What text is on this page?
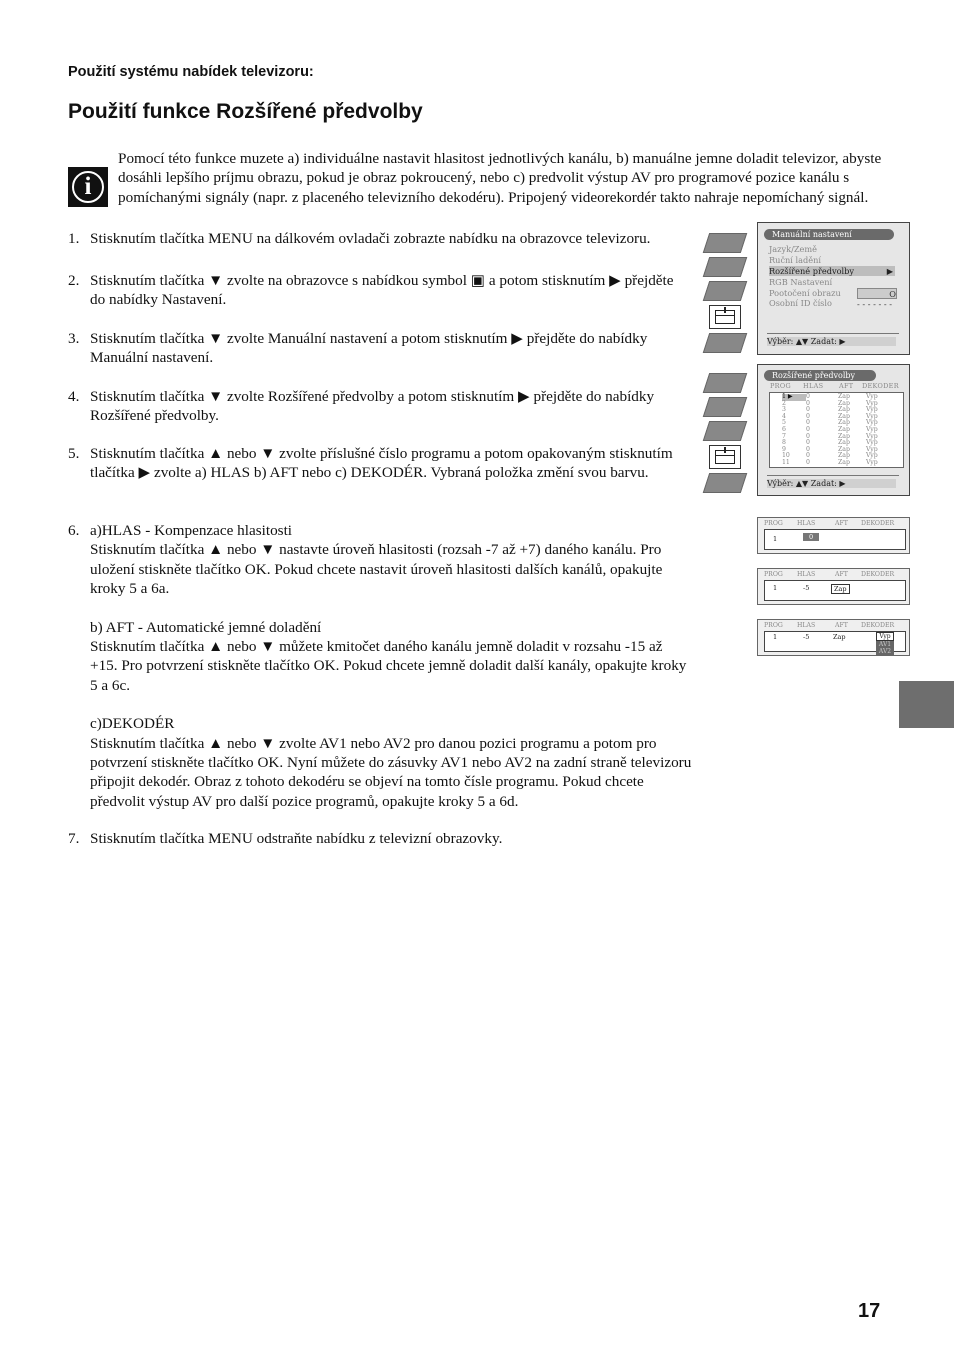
Použití systému nabídek televizoru:
Použití funkce Rozšířené předvolby
i
Pomocí této funkce muzete a) individuálne nastavit hlasitost jednotlivých kanálu, b) manuálne jemne doladit televizor, abyste dosáhli lepšího príjmu obrazu, pokud je obraz pokroucený, nebo c) predvolit výstup AV pro programové pozice kanálu s pomíchanými signály (napr. z placeného televizního dekodéru). Pripojený videorekordér takto nahraje nepomíchaný signál.
1. Stisknutím tlačítka MENU na dálkovém ovladači zobrazte nabídku na obrazovce televizoru.

2. Stisknutím tlačítka ▼ zvolte na obrazovce s nabídkou symbol ▣ a potom stisknutím ▶ přejděte do nabídky Nastavení.

3. Stisknutím tlačítka ▼ zvolte Manuální nastavení a potom stisknutím ▶ přejděte do nabídky Manuální nastavení.

4. Stisknutím tlačítka ▼ zvolte Rozšířené předvolby a potom stisknutím ▶ přejděte do nabídky Rozšířené předvolby.

5. Stisknutím tlačítka ▲ nebo ▼ zvolte příslušné číslo programu a potom opakovaným stisknutím tlačítka ▶ zvolte a) HLAS b) AFT nebo c) DEKODÉR. Vybraná položka změní svou barvu.

6. a)HLAS - Kompenzace hlasitosti

Stisknutím tlačítka ▲ nebo ▼ nastavte úroveň hlasitosti (rozsah -7 až +7) daného kanálu. Pro uložení stiskněte tlačítko OK. Pokud chcete nastavit úroveň hlasitosti dalších kanálů, opakujte kroky 5 a 6a.

b) AFT - Automatické jemné doladění

Stisknutím tlačítka ▲ nebo ▼ můžete kmitočet daného kanálu jemně doladit v rozsahu -15 až +15. Pro potvrzení stiskněte tlačítko OK. Pokud chcete jemně doladit další kanály, opakujte kroky 5 a 6c.

c)DEKODÉR

Stisknutím tlačítka ▲ nebo ▼ zvolte AV1 nebo AV2 pro danou pozici programu a potom pro potvrzení stiskněte tlačítko OK. Nyní můžete do zásuvky AV1 nebo AV2 na zadní straně televizoru připojit dekodér. Obraz z tohoto dekodéru se objeví na tomto čísle programu. Pokud chcete předvolit výstup AV pro další pozice programů, opakujte kroky 5 a 6d.

7. Stisknutím tlačítka MENU odstraňte nabídku z televizní obrazovky.

Manuální nastavení
Jazyk/Země
Ruční ladění
Rozšířené předvolby	▶
RGB Nastavení
Pootočení obrazu	O
Osobní ID číslo	- - - - - - -
Výběr: ▲▼ Zadat: ▶
Rozšířené předvolby
PROG	HLAS	AFT	DEKODER
1 ▶	0	Zap	Vyp
2	0	Zap	Vyp
3	0	Zap	Vyp
4	0	Zap	Vyp
5	0	Zap	Vyp
6	0	Zap	Vyp
7	0	Zap	Vyp
8	0	Zap	Vyp
9	0	Zap	Vyp
10	0	Zap	Vyp
11	0	Zap	Vyp
Výběr: ▲▼ Zadat: ▶
PROG	HLAS	AFT	DEKODER
1	0
PROG	HLAS	AFT	DEKODER
1	-5	Zap
PROG	HLAS	AFT	DEKODER
1	-5	Zap	Vyp
AV1
AV2
17
